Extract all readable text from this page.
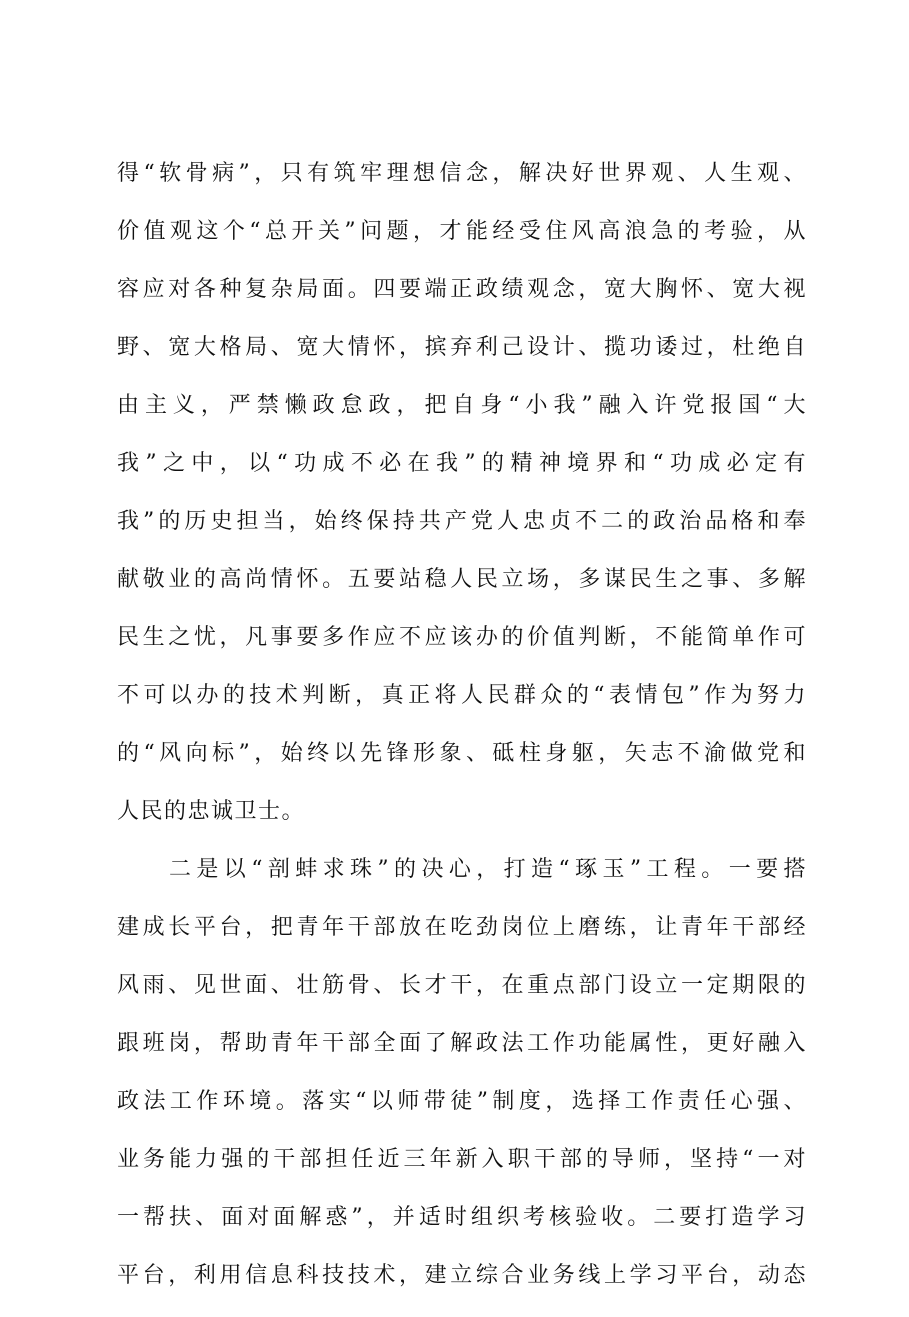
得“软骨病”，只有筑牢理想信念，解决好世界观、人生观、
价值观这个“总开关”问题，才能经受住风高浪急的考验，从
容应对各种复杂局面。四要端正政绩观念，宽大胸怀、宽大视
野、宽大格局、宽大情怀，摈弃利己设计、揽功诿过，杜绝自
由主义，严禁懒政怠政，把自身“小我”融入许党报国“大
我”之中，以“功成不必在我”的精神境界和“功成必定有
我”的历史担当，始终保持共产党人忠贞不二的政治品格和奉
献敬业的高尚情怀。五要站稳人民立场，多谋民生之事、多解
民生之忧，凡事要多作应不应该办的价值判断，不能简单作可
不可以办的技术判断，真正将人民群众的“表情包”作为努力
的“风向标”，始终以先锋形象、砥柱身躯，矢志不渝做党和
人民的忠诚卫士。
二是以“剖蚌求珠”的决心，打造“琢玉”工程。一要搭
建成长平台，把青年干部放在吃劲岗位上磨练，让青年干部经
风雨、见世面、壮筋骨、长才干，在重点部门设立一定期限的
跟班岗，帮助青年干部全面了解政法工作功能属性，更好融入
政法工作环境。落实“以师带徒”制度，选择工作责任心强、
业务能力强的干部担任近三年新入职干部的导师，坚持“一对
一帮扶、面对面解惑”，并适时组织考核验收。二要打造学习
平台，利用信息科技技术，建立综合业务线上学习平台，动态
